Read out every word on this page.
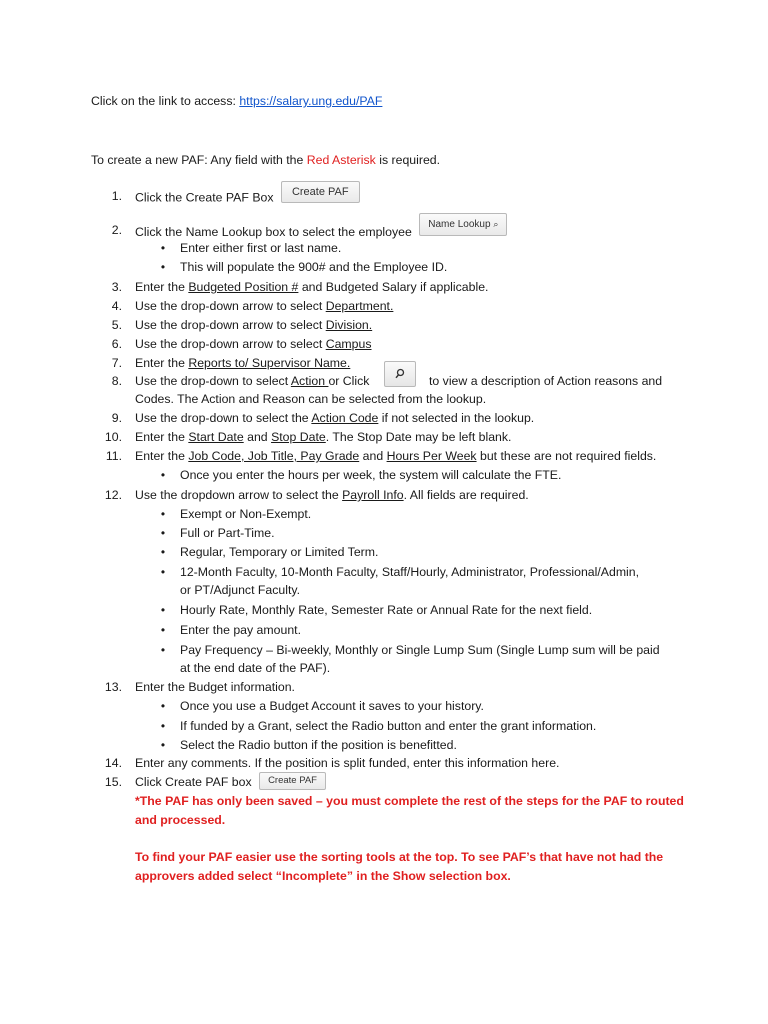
Click on the link to access: https://salary.ung.edu/PAF
To create a new PAF: Any field with the Red Asterisk is required.
1. Click the Create PAF Box Create PAF
2. Click the Name Lookup box to select the employee Name Lookup ⌕
• Enter either first or last name.
• This will populate the 900# and the Employee ID.
3. Enter the Budgeted Position # and Budgeted Salary if applicable.
4. Use the drop-down arrow to select Department.
5. Use the drop-down arrow to select Division.
6. Use the drop-down arrow to select Campus
7. Enter the Reports to/ Supervisor Name.
8. Use the drop-down to select Action or Click	to view a description of Action reasons and
Codes. The Action and Reason can be selected from the lookup.
9. Use the drop-down to select the Action Code if not selected in the lookup.
10. Enter the Start Date and Stop Date. The Stop Date may be left blank.
11. Enter the Job Code, Job Title, Pay Grade and Hours Per Week but these are not required fields.
• Once you enter the hours per week, the system will calculate the FTE.
12. Use the dropdown arrow to select the Payroll Info. All fields are required.
• Exempt or Non-Exempt.
• Full or Part-Time.
• Regular, Temporary or Limited Term.
• 12-Month Faculty, 10-Month Faculty, Staff/Hourly, Administrator, Professional/Admin,
or PT/Adjunct Faculty.
• Hourly Rate, Monthly Rate, Semester Rate or Annual Rate for the next field.
• Enter the pay amount.
• Pay Frequency – Bi-weekly, Monthly or Single Lump Sum (Single Lump sum will be paid
at the end date of the PAF).
13. Enter the Budget information.
• Once you use a Budget Account it saves to your history.
• If funded by a Grant, select the Radio button and enter the grant information.
• Select the Radio button if the position is benefitted.
14. Enter any comments. If the position is split funded, enter this information here.
15. Click Create PAF box Create PAF
*The PAF has only been saved – you must complete the rest of the steps for the PAF to routed
and processed.
To find your PAF easier use the sorting tools at the top. To see PAF’s that have not had the
approvers added select “Incomplete” in the Show selection box.
